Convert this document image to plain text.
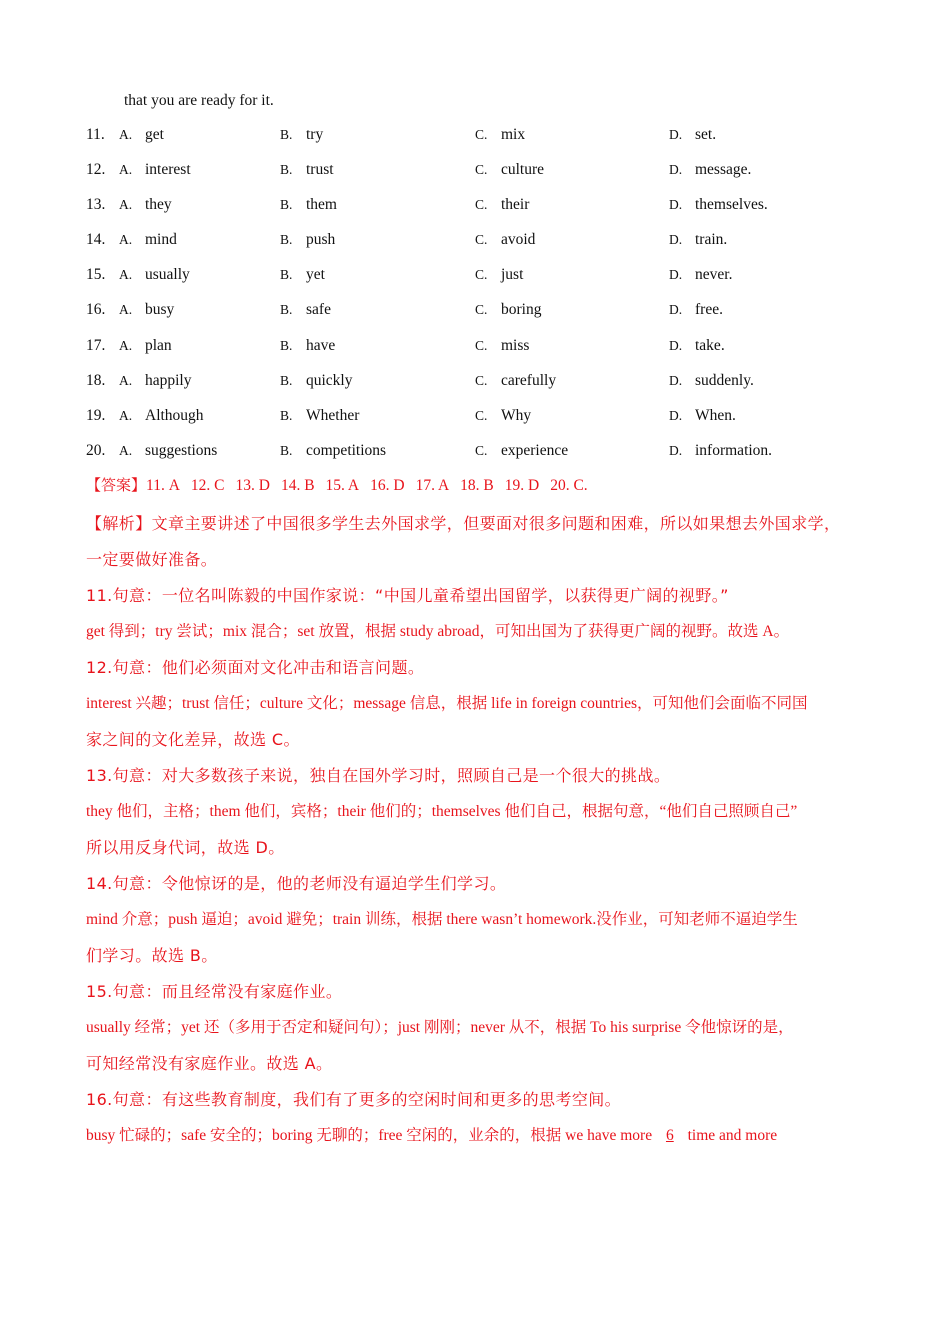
that you are ready for it.
11. A. get	B. try	C. mix	D. set.
12. A. interest	B. trust	C. culture	D. message.
13. A. they	B. them	C. their	D. themselves.
14. A. mind	B. push	C. avoid	D. train.
15. A. usually	B. yet	C. just	D. never.
16. A. busy	B. safe	C. boring	D. free.
17. A. plan	B. have	C. miss	D. take.
18. A. happily	B. quickly	C. carefully	D. suddenly.
19. A. Although	B. Whether	C. Why	D. When.
20. A. suggestions	B. competitions	C. experience	D. information.
【答案】11. A 12. C 13. D 14. B 15. A 16. D 17. A 18. B 19. D 20. C.
【解析】文章主要讲述了中国很多学生去外国求学，但要面对很多问题和困难，所以如果想去外国求学，
一定要做好准备。
11.句意：一位名叫陈毅的中国作家说：“中国儿童希望出国留学，以获得更广阔的视野。”
get 得到；try 尝试；mix 混合；set 放置，根据 study abroad，可知出国为了获得更广阔的视野。故选 A。
12.句意：他们必须面对文化冲击和语言问题。
interest 兴趣；trust 信任；culture 文化；message 信息，根据 life in foreign countries，可知他们会面临不同国
家之间的文化差异，故选 C。
13.句意：对大多数孩子来说，独自在国外学习时，照顾自己是一个很大的挑战。
they 他们，主格；them 他们，宾格；their 他们的；themselves 他们自己，根据句意，“他们自己照顾自己”
所以用反身代词，故选 D。
14.句意：令他惊讶的是，他的老师没有逼迫学生们学习。
mind 介意；push 逼迫；avoid 避免；train 训练，根据 there wasn’t homework.没作业，可知老师不逼迫学生
们学习。故选 B。
15.句意：而且经常没有家庭作业。
usually 经常；yet 还（多用于否定和疑问句）；just 刚刚；never 从不，根据 To his surprise 令他惊讶的是，
可知经常没有家庭作业。故选 A。
16.句意：有这些教育制度，我们有了更多的空闲时间和更多的思考空间。
busy 忙碌的；safe 安全的；boring 无聊的；free 空闲的，业余的，根据 we have more 6 time and more
